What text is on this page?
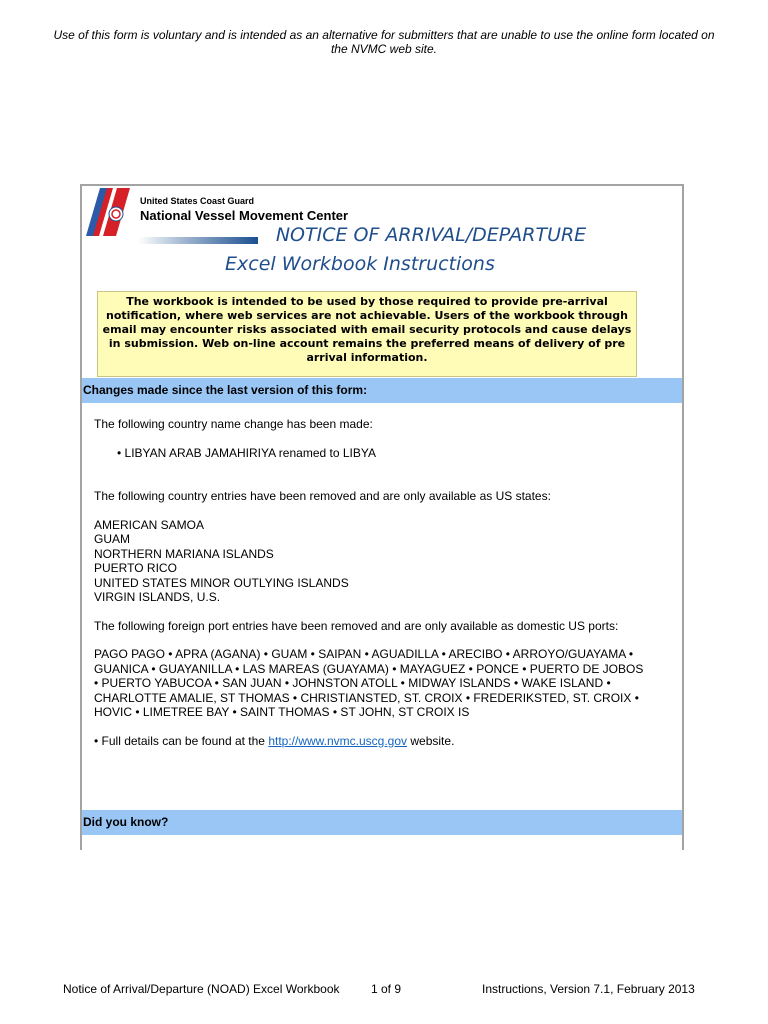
Use of this form is voluntary and is intended as an alternative for submitters that are unable to use the online form located on the NVMC web site.
United States Coast Guard
National Vessel Movement Center
NOTICE OF ARRIVAL/DEPARTURE
Excel Workbook Instructions
The workbook is intended to be used by those required to provide pre-arrival notification, where web services are not achievable. Users of the workbook through email may encounter risks associated with email security protocols and cause delays in submission. Web on-line account remains the preferred means of delivery of pre arrival information.
Changes made since the last version of this form:

The following country name change has been made:

• LIBYAN ARAB JAMAHIRIYA renamed to LIBYA

The following country entries have been removed and are only available as US states:

AMERICAN SAMOA

GUAM

NORTHERN MARIANA ISLANDS

PUERTO RICO

UNITED STATES MINOR OUTLYING ISLANDS

VIRGIN ISLANDS, U.S.

The following foreign port entries have been removed and are only available as domestic US ports:

PAGO PAGO • APRA (AGANA) • GUAM • SAIPAN • AGUADILLA • ARECIBO • ARROYO/GUAYAMA •

GUANICA • GUAYANILLA • LAS MAREAS (GUAYAMA) • MAYAGUEZ • PONCE • PUERTO DE JOBOS

• PUERTO YABUCOA • SAN JUAN • JOHNSTON ATOLL • MIDWAY ISLANDS • WAKE ISLAND •

CHARLOTTE AMALIE, ST THOMAS • CHRISTIANSTED, ST. CROIX • FREDERIKSTED, ST. CROIX •

HOVIC • LIMETREE BAY • SAINT THOMAS • ST JOHN, ST CROIX IS

• Full details can be found at the http://www.nvmc.uscg.gov website.

Did you know?
Notice of Arrival/Departure (NOAD) Excel Workbook	1 of 9	Instructions, Version 7.1, February 2013
